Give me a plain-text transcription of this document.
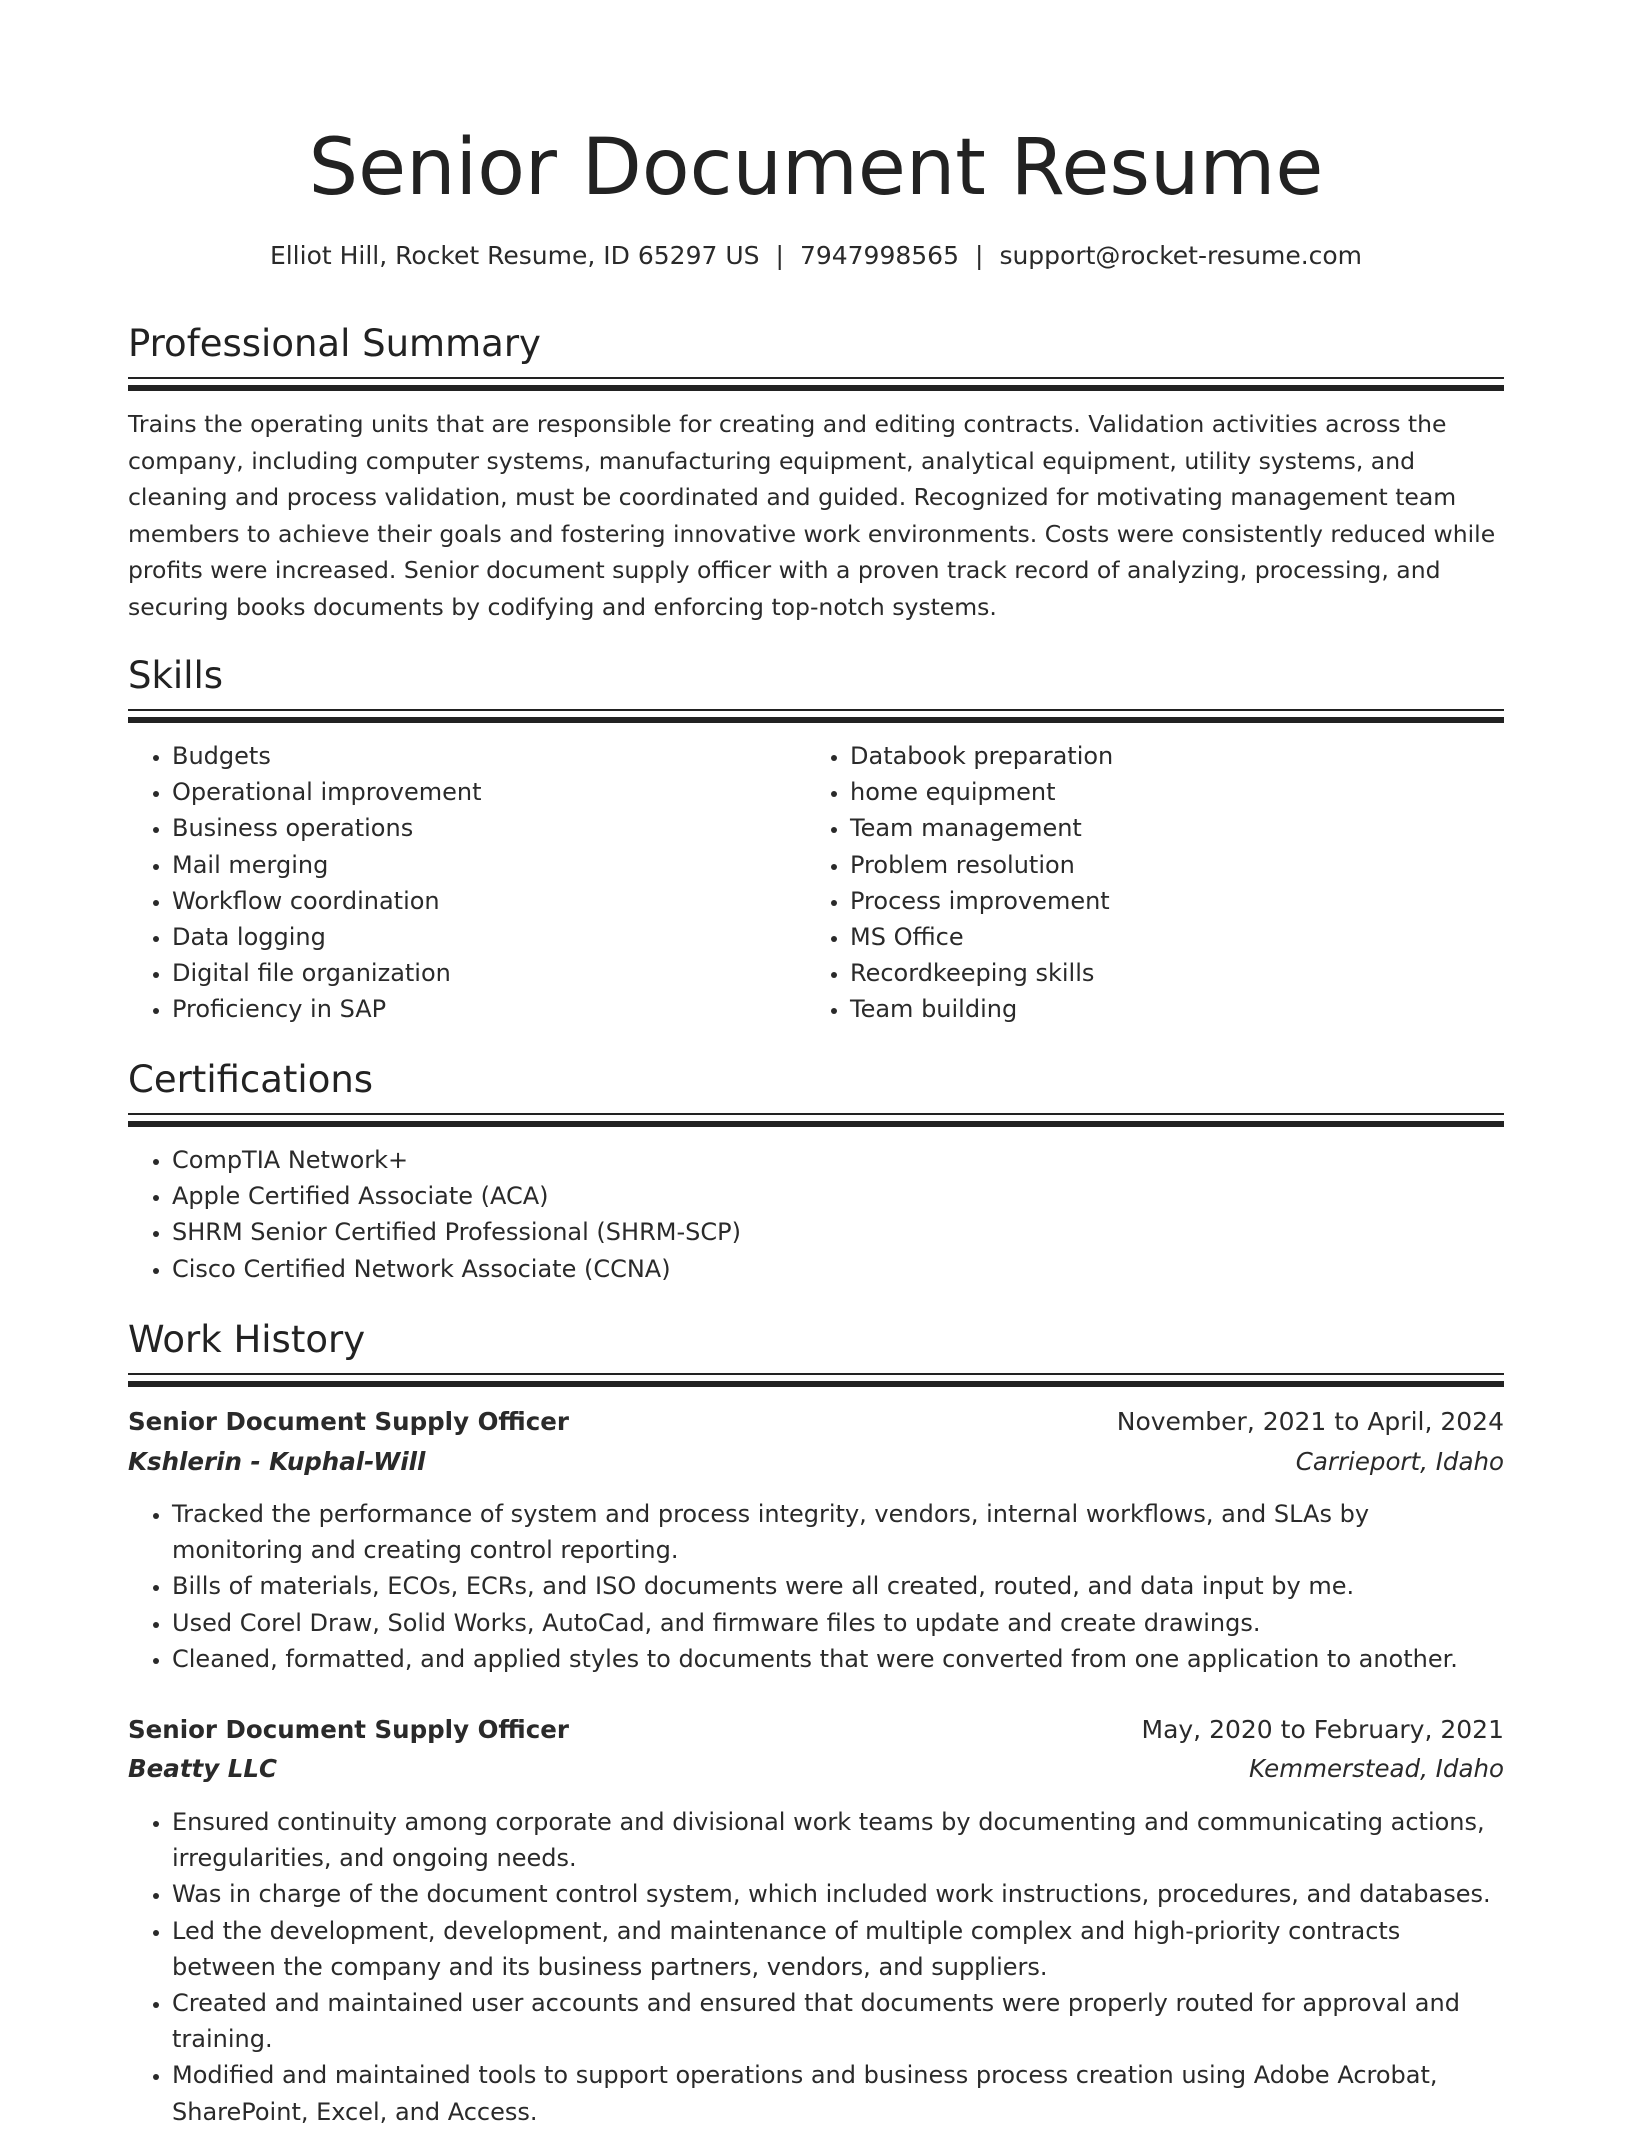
Senior Document Resume
Elliot Hill, Rocket Resume, ID 65297 US | 7947998565 | support@rocket-resume.com
Professional Summary

Trains the operating units that are responsible for creating and editing contracts. Validation activities across the company, including computer systems, manufacturing equipment, analytical equipment, utility systems, and cleaning and process validation, must be coordinated and guided. Recognized for motivating management team members to achieve their goals and fostering innovative work environments. Costs were consistently reduced while profits were increased. Senior document supply officer with a proven track record of analyzing, processing, and securing books documents by codifying and enforcing top-notch systems.

Skills
• Budgets
• Operational improvement
• Business operations
• Mail merging
• Workflow coordination
• Data logging
• Digital file organization
• Proficiency in SAP
• Databook preparation
• home equipment
• Team management
• Problem resolution
• Process improvement
• MS Office
• Recordkeeping skills
• Team building
Certifications
• CompTIA Network+
• Apple Certified Associate (ACA)
• SHRM Senior Certified Professional (SHRM-SCP)
• Cisco Certified Network Associate (CCNA)
Work History
Senior Document Supply Officer	November, 2021 to April, 2024
Kshlerin - Kuphal-Will	Carrieport, Idaho
• Tracked the performance of system and process integrity, vendors, internal workflows, and SLAs by monitoring and creating control reporting.
• Bills of materials, ECOs, ECRs, and ISO documents were all created, routed, and data input by me.
• Used Corel Draw, Solid Works, AutoCad, and firmware files to update and create drawings.
• Cleaned, formatted, and applied styles to documents that were converted from one application to another.
Senior Document Supply Officer	May, 2020 to February, 2021
Beatty LLC	Kemmerstead, Idaho
• Ensured continuity among corporate and divisional work teams by documenting and communicating actions, irregularities, and ongoing needs.
• Was in charge of the document control system, which included work instructions, procedures, and databases.
• Led the development, development, and maintenance of multiple complex and high-priority contracts between the company and its business partners, vendors, and suppliers.
• Created and maintained user accounts and ensured that documents were properly routed for approval and training.
• Modified and maintained tools to support operations and business process creation using Adobe Acrobat, SharePoint, Excel, and Access.
